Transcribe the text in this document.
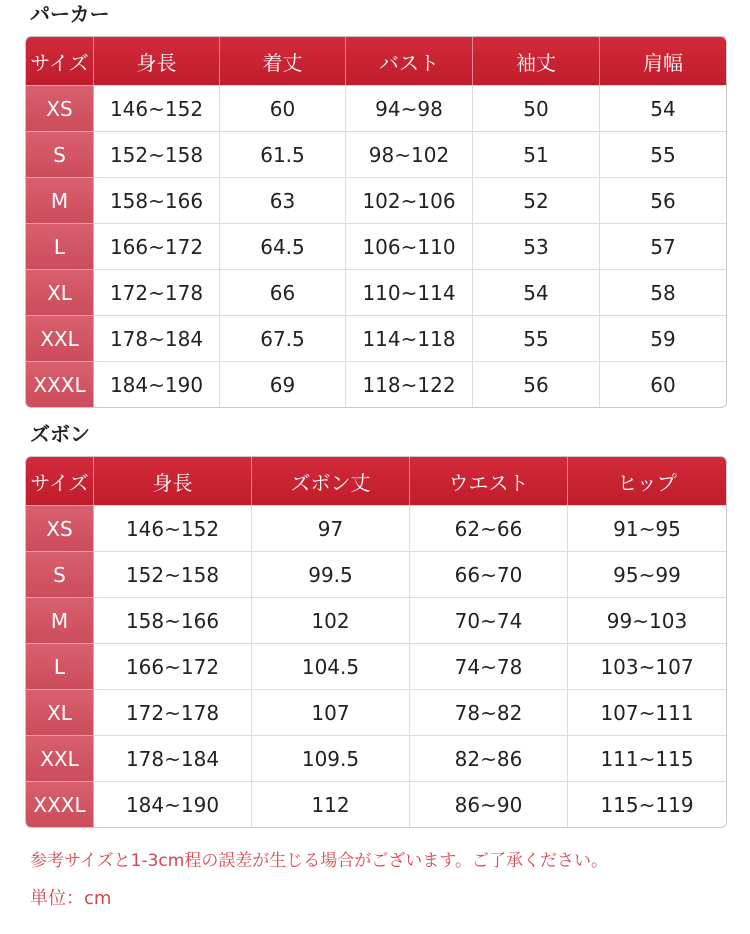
パーカー
サイズ	身長	着丈	バスト	袖丈	肩幅
XS	146~152	60	94~98	50	54
S	152~158	61.5	98~102	51	55
M	158~166	63	102~106	52	56
L	166~172	64.5	106~110	53	57
XL	172~178	66	110~114	54	58
XXL	178~184	67.5	114~118	55	59
XXXL	184~190	69	118~122	56	60
ズボン
サイズ	身長	ズボン丈	ウエスト	ヒップ
XS	146~152	97	62~66	91~95
S	152~158	99.5	66~70	95~99
M	158~166	102	70~74	99~103
L	166~172	104.5	74~78	103~107
XL	172~178	107	78~82	107~111
XXL	178~184	109.5	82~86	111~115
XXXL	184~190	112	86~90	115~119

参考サイズと1-3cm程の誤差が生じる場合がございます。ご了承ください。

単位：cm
